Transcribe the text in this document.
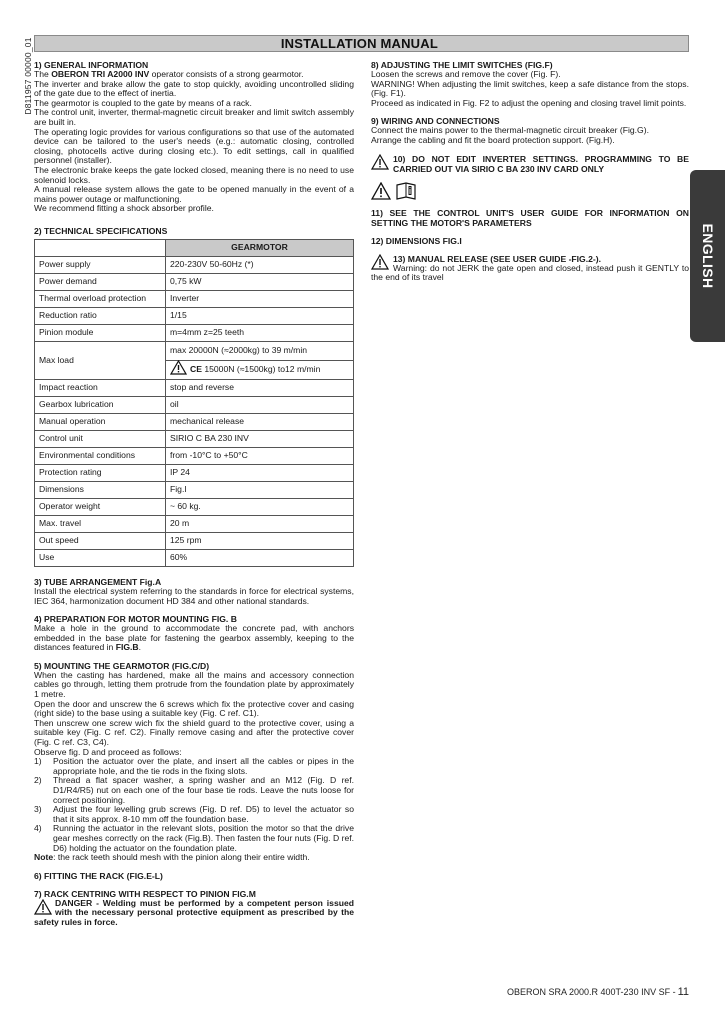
D811957 00000_01	INSTALLATION MANUAL

1) GENERAL INFORMATION

The OBERON TRI A2000 INV operator consists of a strong gearmotor.

The inverter and brake allow the gate to stop quickly, avoiding uncontrolled sliding of the gate due to the effect of inertia.

The gearmotor is coupled to the gate by means of a rack.

The control unit, inverter, thermal-magnetic circuit breaker and limit switch assembly are built in.

The operating logic provides for various configurations so that use of the automated device can be tailored to the user's needs (e.g.: automatic closing, controlled closing, photocells active during closing etc.). To edit settings, call in qualified personnel (installer).

The electronic brake keeps the gate locked closed, meaning there is no need to use solenoid locks.

A manual release system allows the gate to be opened manually in the event of a mains power outage or malfunctioning.

We recommend fitting a shock absorber profile.

2) TECHNICAL SPECIFICATIONS

	GEARMOTOR
Power supply	220-230V 50-60Hz (*)
Power demand	0,75 kW
Thermal overload protection	Inverter
Reduction ratio	1/15
Pinion module	m=4mm z=25 teeth
Max load	max 20000N (≈2000kg) to 39 m/min

CE 15000N (≈1500kg) to12 m/min
Impact reaction	stop and reverse
Gearbox lubrication	oil
Manual operation	mechanical release
Control unit	SIRIO C BA 230 INV
Environmental conditions	from -10°C to +50°C
Protection rating	IP 24
Dimensions	Fig.I
Operator weight	~ 60 kg.
Max. travel	20 m
Out speed	125 rpm
Use	60%

3) TUBE ARRANGEMENT Fig.A

Install the electrical system referring to the standards in force for electrical systems, IEC 364, harmonization document HD 384 and other national standards.

4) PREPARATION FOR MOTOR MOUNTING FIG. B

Make a hole in the ground to accommodate the concrete pad, with anchors embedded in the base plate for fastening the gearbox assembly, keeping to the distances featured in FIG.B.

5) MOUNTING THE GEARMOTOR (FIG.C/D)

When the casting has hardened, make all the mains and accessory connection cables go through, letting them protrude from the foundation plate by approximately 1 metre.

Open the door and unscrew the 6 screws which fix the protective cover and casing (right side) to the base using a suitable key (Fig. C ref. C1).

Then unscrew one screw wich fix the shield guard to the protective cover, using a suitable key (Fig. C ref. C2). Finally remove casing and after the protective cover (Fig. C ref. C3, C4).

Observe fig. D and proceed as follows:

1) Position the actuator over the plate, and insert all the cables or pipes in the appropriate hole, and the tie rods in the fixing slots.
2) Thread a flat spacer washer, a spring washer and an M12 (Fig. D ref. D1/R4/R5) nut on each one of the four base tie rods. Leave the nuts loose for correct positioning.
3) Adjust the four levelling grub screws (Fig. D ref. D5) to level the actuator so that it sits approx. 8-10 mm off the foundation base.
4) Running the actuator in the relevant slots, position the motor so that the drive gear meshes correctly on the rack (Fig.B). Then fasten the four nuts (Fig. D ref. D6) holding the actuator on the foundation plate.

Note: the rack teeth should mesh with the pinion along their entire width.

6) FITTING THE RACK (FIG.E-L)

7) RACK CENTRING WITH RESPECT TO PINION FIG.M

DANGER - Welding must be performed by a competent person issued with the necessary personal protective equipment as prescribed by the safety rules in force.

8) ADJUSTING THE LIMIT SWITCHES (FIG.F)

Loosen the screws and remove the cover (Fig. F).

WARNING! When adjusting the limit switches, keep a safe distance from the stops.(Fig. F1).

Proceed as indicated in Fig. F2 to adjust the opening and closing travel limit points.

9) WIRING AND CONNECTIONS

Connect the mains power to the thermal-magnetic circuit breaker (Fig.G).

Arrange the cabling and fit the board protection support. (Fig.H).

10) DO NOT EDIT INVERTER SETTINGS. PROGRAMMING TO BE CARRIED OUT VIA SIRIO C BA 230 INV CARD ONLY

11) SEE THE CONTROL UNIT'S USER GUIDE FOR INFORMATION ON SETTING THE MOTOR'S PARAMETERS

12) DIMENSIONS FIG.I

13) MANUAL RELEASE (SEE USER GUIDE -FIG.2-).

Warning: do not JERK the gate open and closed, instead push it GENTLY to the end of its travel	ENGLISH
OBERON SRA 2000.R 400T-230 INV SF - 11
